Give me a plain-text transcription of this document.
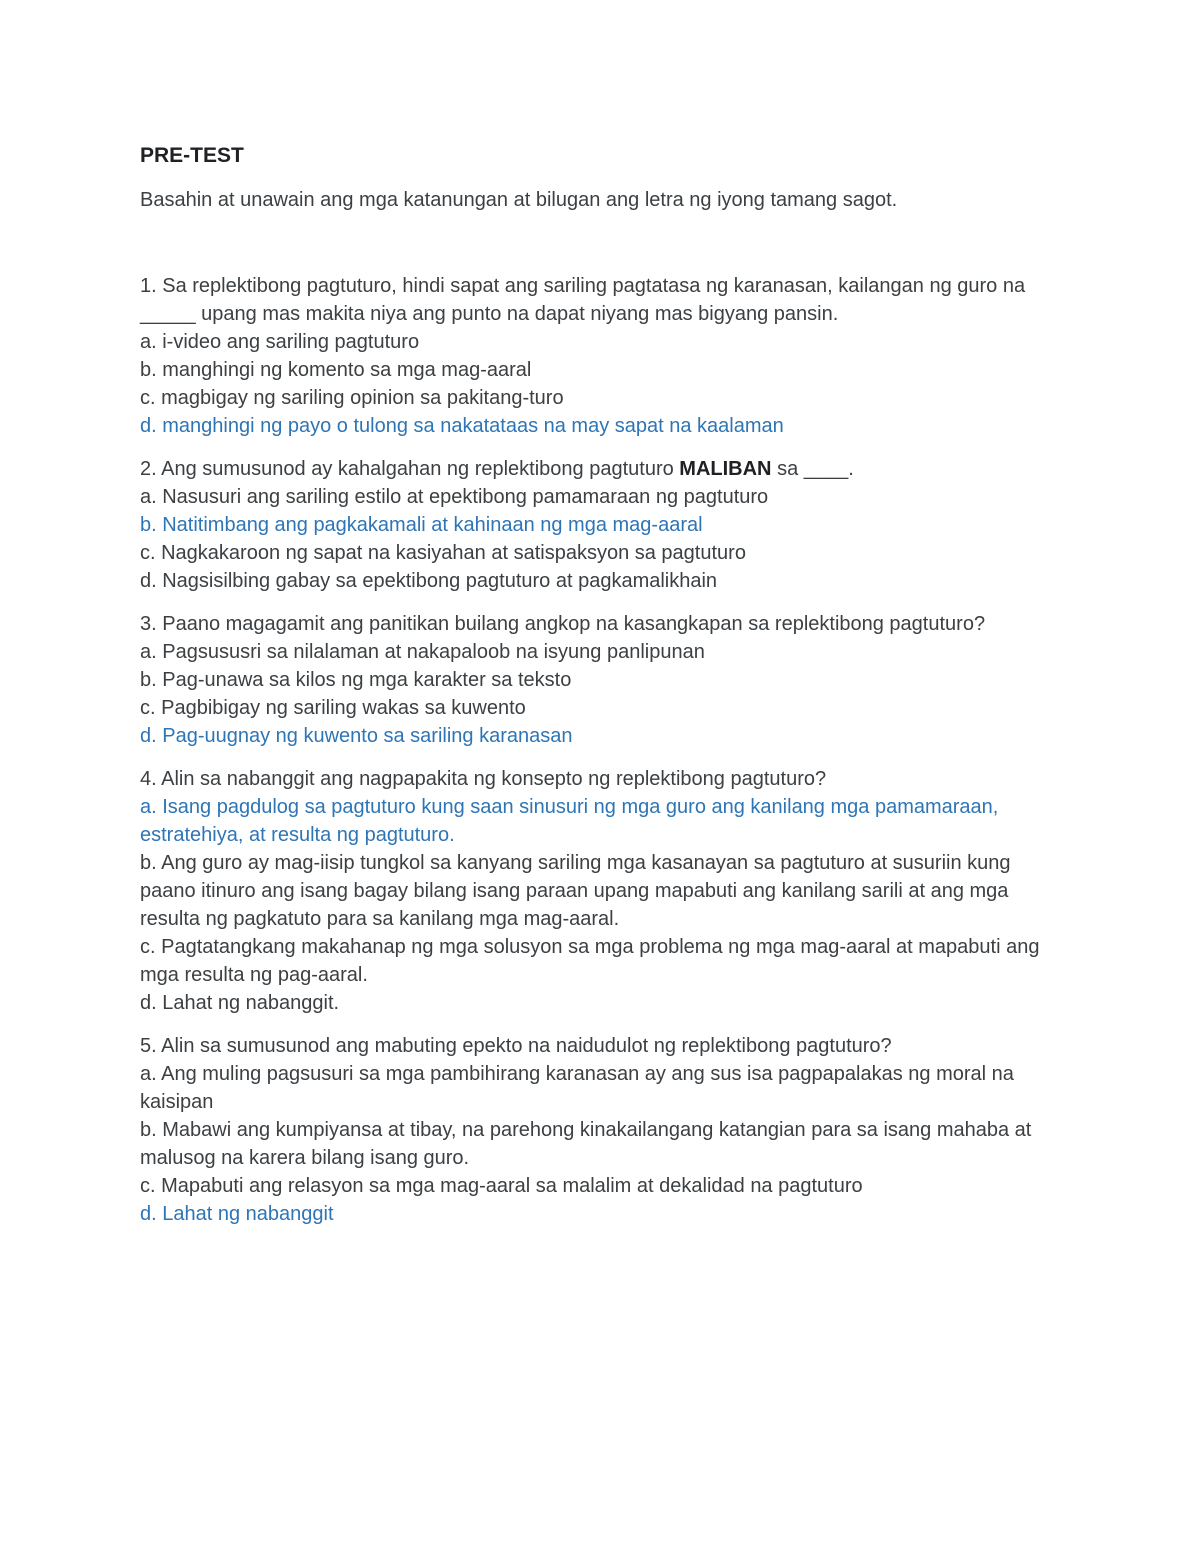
PRE-TEST

Basahin at unawain ang mga katanungan at bilugan ang letra ng iyong tamang sagot.

1. Sa replektibong pagtuturo, hindi sapat ang sariling pagtatasa ng karanasan, kailangan ng guro na _____ upang mas makita niya ang punto na dapat niyang mas bigyang pansin.

a. i-video ang sariling pagtuturo
b. manghingi ng komento sa mga mag-aaral
c. magbigay ng sariling opinion sa pakitang-turo
d. manghingi ng payo o tulong sa nakatataas na may sapat na kaalaman

2. Ang sumusunod ay kahalgahan ng replektibong pagtuturo MALIBAN sa ____.

a. Nasusuri ang sariling estilo at epektibong pamamaraan ng pagtuturo
b. Natitimbang ang pagkakamali at kahinaan ng mga mag-aaral
c. Nagkakaroon ng sapat na kasiyahan at satispaksyon sa pagtuturo
d. Nagsisilbing gabay sa epektibong pagtuturo at pagkamalikhain

3. Paano magagamit ang panitikan builang angkop na kasangkapan sa replektibong pagtuturo?

a. Pagsususri sa nilalaman at nakapaloob na isyung panlipunan
b. Pag-unawa sa kilos ng mga karakter sa teksto
c. Pagbibigay ng sariling wakas sa kuwento
d. Pag-uugnay ng kuwento sa sariling karanasan

4. Alin sa nabanggit ang nagpapakita ng konsepto ng replektibong pagtuturo?

a. Isang pagdulog sa pagtuturo kung saan sinusuri ng mga guro ang kanilang mga pamamaraan, estratehiya, at resulta ng pagtuturo.
b. Ang guro ay mag-iisip tungkol sa kanyang sariling mga kasanayan sa pagtuturo at susuriin kung paano itinuro ang isang bagay bilang isang paraan upang mapabuti ang kanilang sarili at ang mga resulta ng pagkatuto para sa kanilang mga mag-aaral.
c. Pagtatangkang makahanap ng mga solusyon sa mga problema ng mga mag-aaral at mapabuti ang mga resulta ng pag-aaral.
d. Lahat ng nabanggit.

5. Alin sa sumusunod ang mabuting epekto na naidudulot ng replektibong pagtuturo?

a. Ang muling pagsusuri sa mga pambihirang karanasan ay ang sus isa pagpapalakas ng moral na kaisipan
b. Mabawi ang kumpiyansa at tibay, na parehong kinakailangang katangian para sa isang mahaba at malusog na karera bilang isang guro.
c. Mapabuti ang relasyon sa mga mag-aaral sa malalim at dekalidad na pagtuturo
d. Lahat ng nabanggit
